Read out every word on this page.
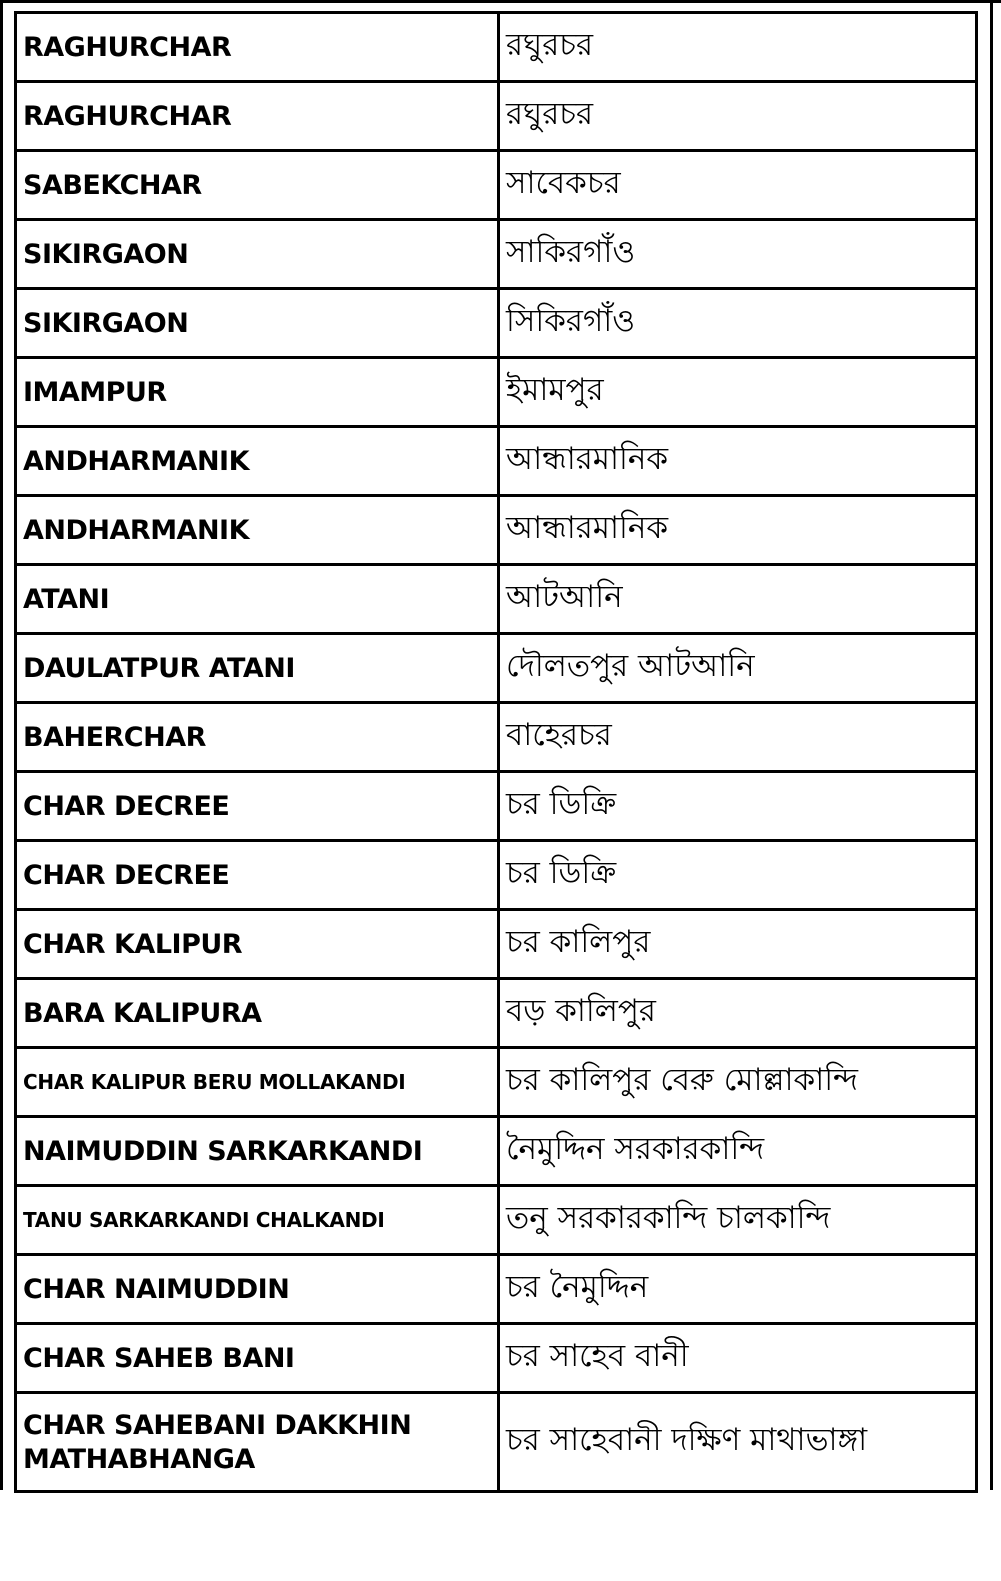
RAGHURCHAR	রঘুরচর
RAGHURCHAR	রঘুরচর
SABEKCHAR	সাবেকচর
SIKIRGAON	সাকিরগাঁও
SIKIRGAON	সিকিরগাঁও
IMAMPUR	ইমামপুর
ANDHARMANIK	আন্ধারমানিক
ANDHARMANIK	আন্ধারমানিক
ATANI	আটআনি
DAULATPUR ATANI	দৌলতপুর আটআনি
BAHERCHAR	বাহেরচর
CHAR DECREE	চর ডিক্রি
CHAR DECREE	চর ডিক্রি
CHAR KALIPUR	চর কালিপুর
BARA KALIPURA	বড় কালিপুর
CHAR KALIPUR BERU MOLLAKANDI	চর কালিপুর বেরু মোল্লাকান্দি
NAIMUDDIN SARKARKANDI	নৈমুদ্দিন সরকারকান্দি
TANU SARKARKANDI CHALKANDI	তনু সরকারকান্দি চালকান্দি
CHAR NAIMUDDIN	চর নৈমুদ্দিন
CHAR SAHEB BANI	চর সাহেব বানী
CHAR SAHEBANI DAKKHIN MATHABHANGA	চর সাহেবানী দক্ষিণ মাথাভাঙ্গা
